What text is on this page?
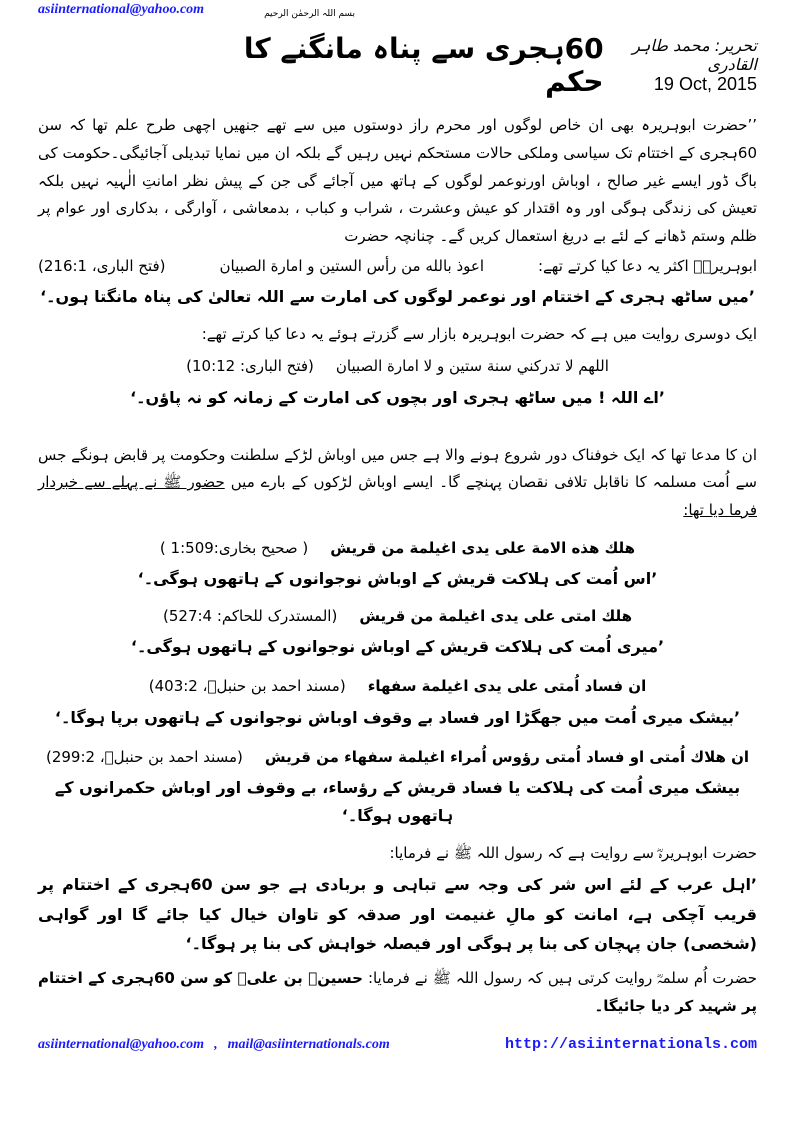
asiinternational@yahoo.com	بسم اللہ الرحمٰن الرحیم
60ہجری سے پناہ مانگنے کا حکم
تحریر: محمد طاہر القادری
19 Oct, 2015
’’حضرت ابوہریرہ بھی ان خاص لوگوں اور محرم راز دوستوں میں سے تھے جنھیں اچھی طرح علم تھا کہ سن 60ہجری کے اختتام تک سیاسی وملکی حالات مستحکم نہیں رہیں گے بلکہ ان میں نمایا تبدیلی آجائیگی۔حکومت کی باگ ڈور ایسے غیر صالح ، اوباش اورنوعمر لوگوں کے ہاتھ میں آجائے گی جن کے پیش نظر امانتِ الٰہیہ نہیں بلکہ تعیش کی زندگی ہوگی اور وہ اقتدار کو عیش وعشرت ، شراب و کباب ، بدمعاشی ، آوارگی ، بدکاری اور عوام پر ظلم وستم ڈھانے کے لئے بے دریغ استعمال کریں گے۔ چنانچہ حضرت
ابوہریرہؓ اکثر یہ دعا کیا کرتے تھے:
اعوذ بالله من رأس الستين و امارة الصبيان
(فتح الباری، 216:1)
’میں ساٹھ ہجری کے اختتام اور نوعمر لوگوں کی امارت سے اللہ تعالیٰ کی پناہ مانگتا ہوں۔‘
ایک دوسری روایت میں ہے کہ حضرت ابوہریرہ بازار سے گزرتے ہوئے یہ دعا کیا کرتے تھے:
اللهم لا تدركني سنة ستين و لا امارة الصبيان
(فتح الباری: 10:12)
’اے اللہ ! میں ساٹھ ہجری اور بچوں کی امارت کے زمانہ کو نہ پاؤں۔‘
ان کا مدعا تھا کہ ایک خوفناک دور شروع ہونے والا ہے جس میں اوباش لڑکے سلطنت وحکومت پر قابض ہونگے جس سے اُمت مسلمہ کا ناقابل تلافی نقصان پہنچے گا۔ ایسے اوباش لڑکوں کے بارے میں حضور ﷺ نے پہلے سے خبردار فرما دیا تھا:
هلك هذه الامة على يدى اغيلمة من قريش
( صحیح بخاری:1:509 )
’اس اُمت کی ہلاکت قریش کے اوباش نوجوانوں کے ہاتھوں ہوگی۔‘
هلك امتى على يدى اغيلمة من قريش
(المستدرک للحاکم: 527:4)
’میری اُمت کی ہلاکت قریش کے اوباش نوجوانوں کے ہاتھوں ہوگی۔‘
ان فساد اُمتى على يدى اغيلمة سفهاء
(مسند احمد بن حنبلؒ، 403:2)
’بیشک میری اُمت میں جھگڑا اور فساد بے وقوف اوباش نوجوانوں کے ہاتھوں برپا ہوگا۔‘
ان هلاك اُمتى او فساد اُمتى رؤوس اُمراء اغيلمة سفهاء من قريش
(مسند احمد بن حنبلؒ، 299:2)
بیشک میری اُمت کی ہلاکت یا فساد قریش کے رؤساء، بے وقوف اور اوباش حکمرانوں کے ہاتھوں ہوگا۔‘
حضرت ابوہریرہؓ سے روایت ہے کہ رسول اللہ ﷺ نے فرمایا:
’اہل عرب کے لئے اس شر کی وجہ سے تباہی و بربادی ہے جو سن 60ہجری کے اختتام پر قریب آچکی ہے، امانت کو مالِ غنیمت اور صدقہ کو تاوان خیال کیا جائے گا اور گواہی (شخصی) جان پہچان کی بنا پر ہوگی اور فیصلہ خواہش کی بنا پر ہوگا۔‘
حضرت اُم سلمہؓ روایت کرتی ہیں کہ رسول اللہ ﷺ نے فرمایا: حسینؑ بن علیؑ کو سن 60ہجری کے اختتام پر شہید کر دیا جائیگا۔
asiinternational@yahoo.com , mail@asiinternationals.com	http://asiinternationals.com
